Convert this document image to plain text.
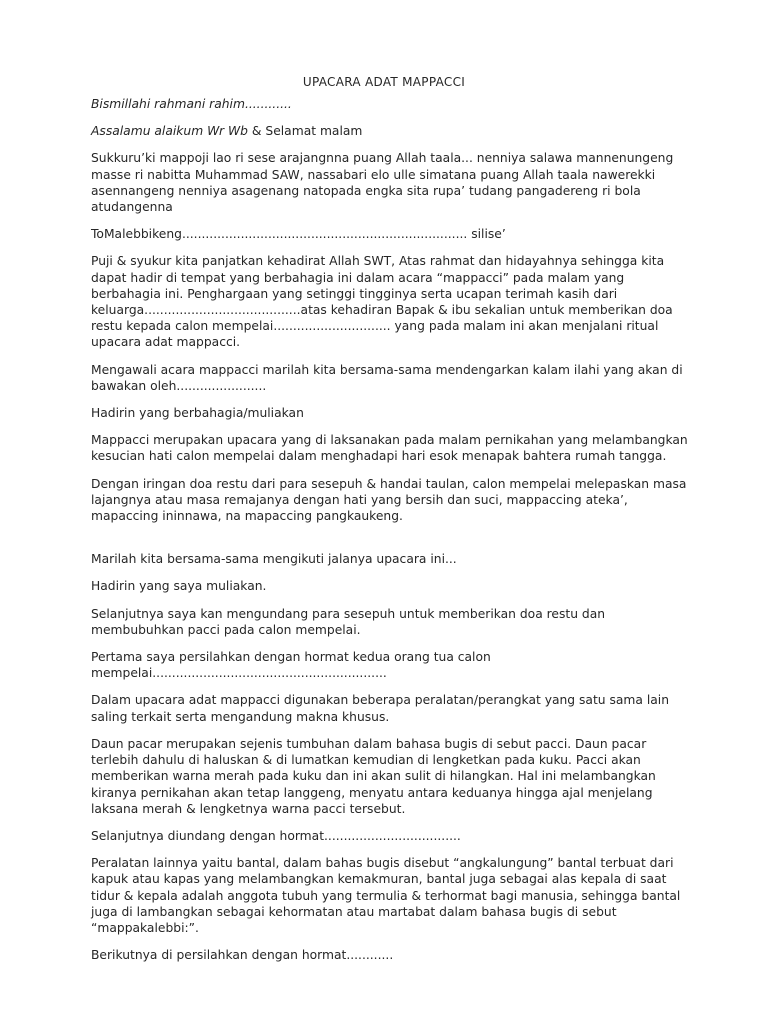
UPACARA ADAT MAPPACCI
Bismillahi rahmani rahim............
Assalamu alaikum Wr Wb & Selamat malam
Sukkuru’ki mappoji lao ri sese arajangnna puang Allah taala... nenniya salawa mannenungeng
masse ri nabitta Muhammad SAW, nassabari elo ulle simatana puang Allah taala nawerekki
asennangeng nenniya asagenang natopada engka sita rupa’ tudang pangadereng ri bola
atudangenna
ToMalebbikeng......................................................................... silise’
Puji & syukur kita panjatkan kehadirat Allah SWT, Atas rahmat dan hidayahnya sehingga kita
dapat hadir di tempat yang berbahagia ini dalam acara “mappacci” pada malam yang
berbahagia ini. Penghargaan yang setinggi tingginya serta ucapan terimah kasih dari
keluarga........................................atas kehadiran Bapak & ibu sekalian untuk memberikan doa
restu kepada calon mempelai.............................. yang pada malam ini akan menjalani ritual
upacara adat mappacci.
Mengawali acara mappacci marilah kita bersama-sama mendengarkan kalam ilahi yang akan di
bawakan oleh.......................
Hadirin yang berbahagia/muliakan
Mappacci merupakan upacara yang di laksanakan pada malam pernikahan yang melambangkan
kesucian hati calon mempelai dalam menghadapi hari esok menapak bahtera rumah tangga.
Dengan iringan doa restu dari para sesepuh & handai taulan, calon mempelai melepaskan masa
lajangnya atau masa remajanya dengan hati yang bersih dan suci, mappaccing ateka’,
mapaccing ininnawa, na mapaccing pangkaukeng.
Marilah kita bersama-sama mengikuti jalanya upacara ini...
Hadirin yang saya muliakan.
Selanjutnya saya kan mengundang para sesepuh untuk memberikan doa restu dan
membubuhkan pacci pada calon mempelai.
Pertama saya persilahkan dengan hormat kedua orang tua calon
mempelai............................................................
Dalam upacara adat mappacci digunakan beberapa peralatan/perangkat yang satu sama lain
saling terkait serta mengandung makna khusus.
Daun pacar merupakan sejenis tumbuhan dalam bahasa bugis di sebut pacci. Daun pacar
terlebih dahulu di haluskan & di lumatkan kemudian di lengketkan pada kuku. Pacci akan
memberikan warna merah pada kuku dan ini akan sulit di hilangkan. Hal ini melambangkan
kiranya pernikahan akan tetap langgeng, menyatu antara keduanya hingga ajal menjelang
laksana merah & lengketnya warna pacci tersebut.
Selanjutnya diundang dengan hormat...................................
Peralatan lainnya yaitu bantal, dalam bahas bugis disebut “angkalungung” bantal terbuat dari
kapuk atau kapas yang melambangkan kemakmuran, bantal juga sebagai alas kepala di saat
tidur & kepala adalah anggota tubuh yang termulia & terhormat bagi manusia, sehingga bantal
juga di lambangkan sebagai kehormatan atau martabat dalam bahasa bugis di sebut
“mappakalebbi:”.
Berikutnya di persilahkan dengan hormat............
